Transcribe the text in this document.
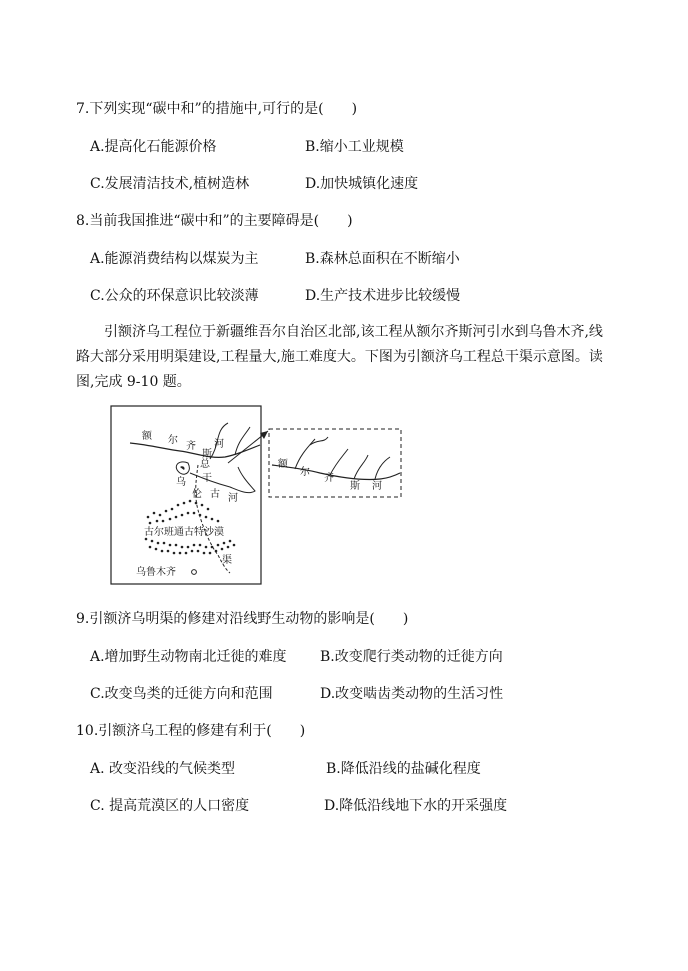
7.下列实现“碳中和”的措施中,可行的是(　　)
A.提高化石能源价格	B.缩小工业规模
C.发展清洁技术,植树造林	D.加快城镇化速度
8.当前我国推进“碳中和”的主要障碍是(　　)
A.能源消费结构以煤炭为主	B.森林总面积在不断缩小
C.公众的环保意识比较淡薄	D.生产技术进步比较缓慢
引额济乌工程位于新疆维吾尔自治区北部,该工程从额尔齐斯河引水到乌鲁木齐,线路大部分采用明渠建设,工程量大,施工难度大。下图为引额济乌工程总干渠示意图。读图,完成 9-10 题。
额 尔
齐
斯
河
总
干
乌
伦 古 河
古尔班通古特沙漠
渠
乌鲁木齐
额
尔
齐
斯 河
9.引额济乌明渠的修建对沿线野生动物的影响是(　　)
A.增加野生动物南北迁徙的难度 B.改变爬行类动物的迁徙方向
C.改变鸟类的迁徙方向和范围	D.改变啮齿类动物的生活习性
10.引额济乌工程的修建有利于(　　)
A. 改变沿线的气候类型	B.降低沿线的盐碱化程度
C. 提高荒漠区的人口密度	D.降低沿线地下水的开采强度
